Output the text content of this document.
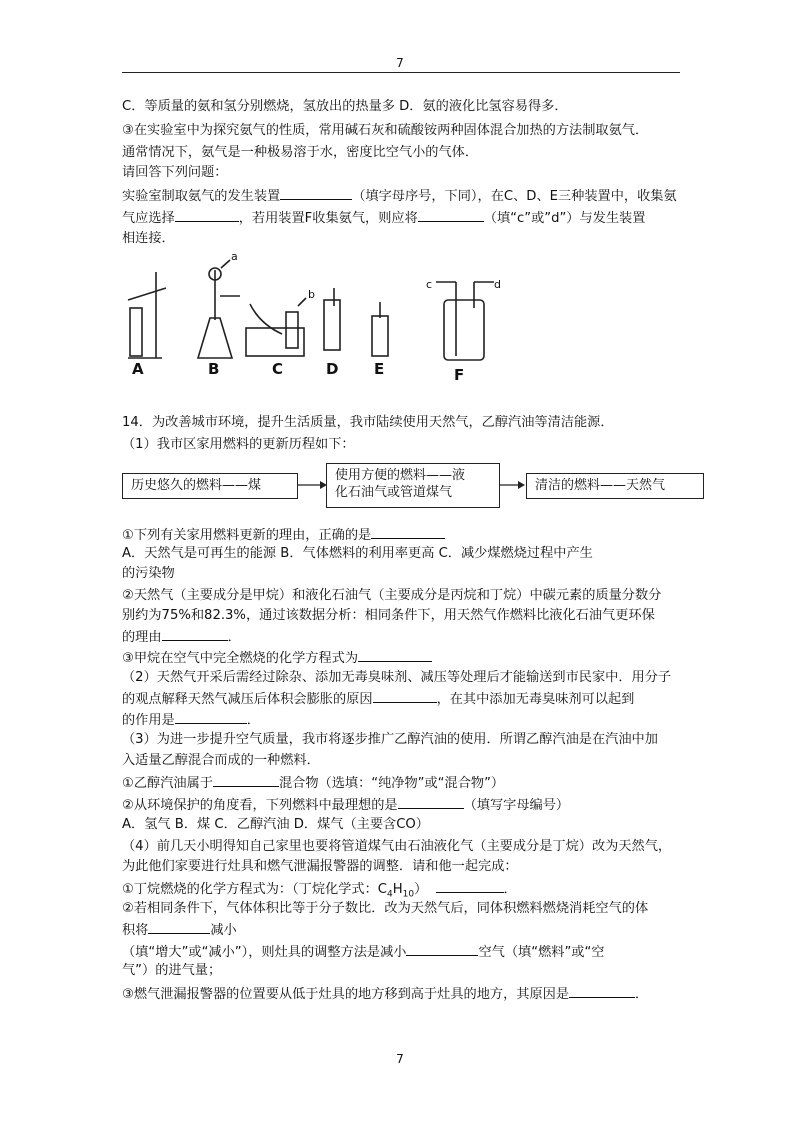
7
C．等质量的氨和氢分别燃烧，氢放出的热量多 D．氨的液化比氢容易得多．
③在实验室中为探究氨气的性质，常用碱石灰和硫酸铵两种固体混合加热的方法制取氨气．
通常情况下，氨气是一种极易溶于水，密度比空气小的气体．
请回答下列问题：
实验室制取氨气的发生装置	（填字母序号，下同），在C、D、E三种装置中，收集氨
气应选择	，若用装置F收集氨气，则应将	（填“c”或”d”）与发生装置
相连接．
A	B	C	D E	F
a
b
c	d
14．为改善城市环境，提升生活质量，我市陆续使用天然气，乙醇汽油等清洁能源．
（1）我市区家用燃料的更新历程如下：
历史悠久的燃料——煤
使用方便的燃料——液
化石油气或管道煤气	清洁的燃料——天然气
①下列有关家用燃料更新的理由，正确的是
A．天然气是可再生的能源 B．气体燃料的利用率更高 C．减少煤燃烧过程中产生
的污染物
②天然气（主要成分是甲烷）和液化石油气（主要成分是丙烷和丁烷）中碳元素的质量分数分
别约为75%和82.3%，通过该数据分析：相同条件下，用天然气作燃料比液化石油气更环保
的理由	．
③甲烷在空气中完全燃烧的化学方程式为
（2）天然气开采后需经过除杂、添加无毒臭味剂、减压等处理后才能输送到市民家中．用分子
的观点解释天然气减压后体积会膨胀的原因	，在其中添加无毒臭味剂可以起到
的作用是	．
（3）为进一步提升空气质量，我市将逐步推广乙醇汽油的使用．所谓乙醇汽油是在汽油中加
入适量乙醇混合而成的一种燃料．
①乙醇汽油属于	混合物（选填：“纯净物”或“混合物”）
②从环境保护的角度看，下列燃料中最理想的是	（填写字母编号）
A．氢气 B．煤 C．乙醇汽油 D．煤气（主要含CO）
（4）前几天小明得知自己家里也要将管道煤气由石油液化气（主要成分是丁烷）改为天然气，
为此他们家要进行灶具和燃气泄漏报警器的调整．请和他一起完成：
①丁烷燃烧的化学方程式为：（丁烷化学式：$C_4H_{10}$）	．
②若相同条件下，气体体积比等于分子数比．改为天然气后，同体积燃料燃烧消耗空气的体
积将	减小
（填“增大”或“减小”），则灶具的调整方法是减小	空气（填“燃料”或“空
气”）的进气量；
③燃气泄漏报警器的位置要从低于灶具的地方移到高于灶具的地方，其原因是	．
7
